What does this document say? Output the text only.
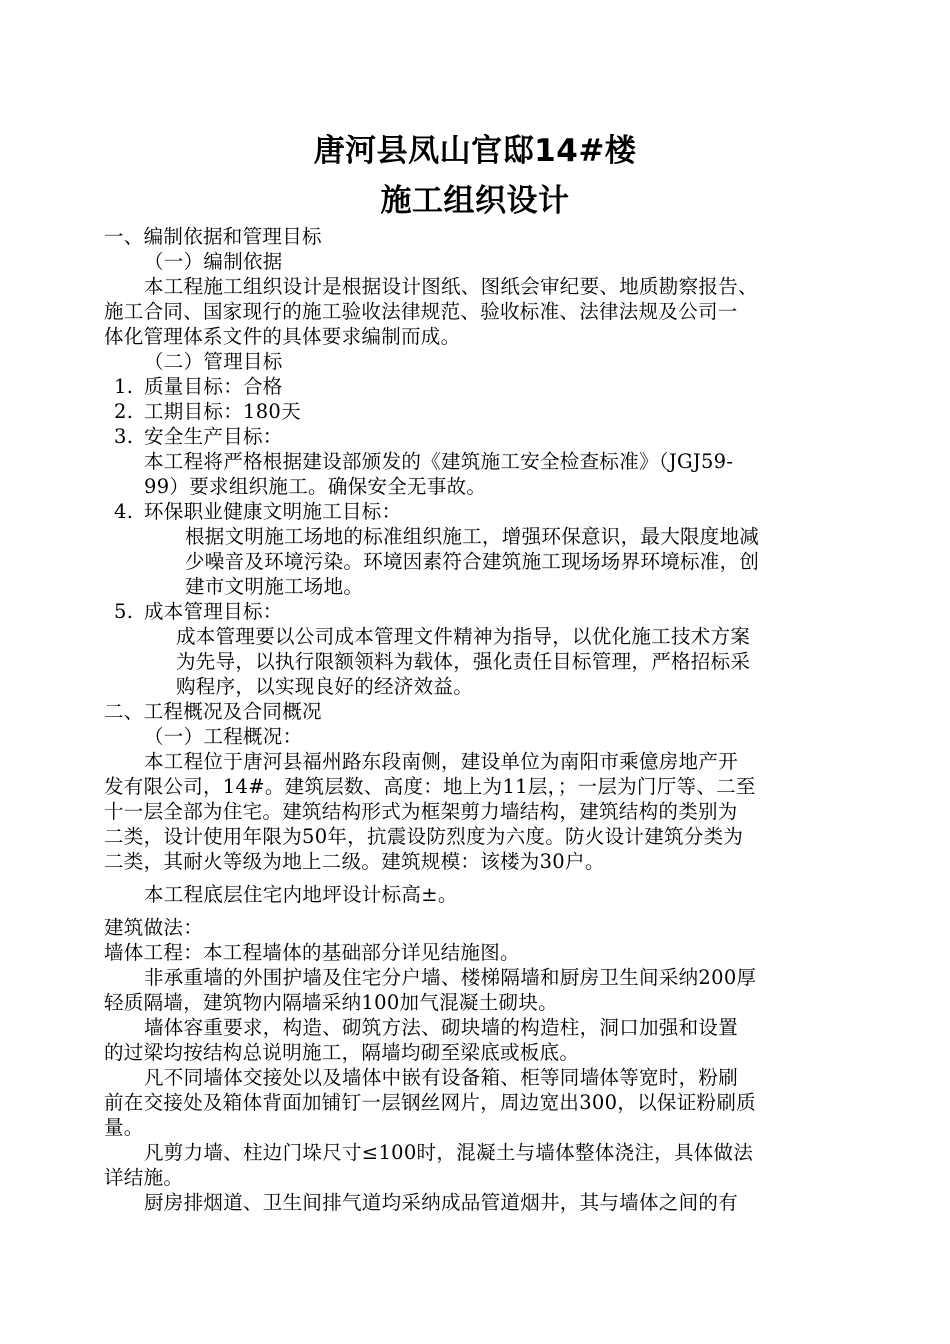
唐河县凤山官邸14#楼
施工组织设计
一、编制依据和管理目标
（一）编制依据
本工程施工组织设计是根据设计图纸、图纸会审纪要、地质勘察报告、
施工合同、国家现行的施工验收法律规范、验收标准、法律法规及公司一
体化管理体系文件的具体要求编制而成。
（二）管理目标
1. 质量目标：合格
2. 工期目标：180天
3. 安全生产目标：
本工程将严格根据建设部颁发的《建筑施工安全检查标准》（JGJ59-
99）要求组织施工。确保安全无事故。
4. 环保职业健康文明施工目标：
根据文明施工场地的标准组织施工，增强环保意识，最大限度地减
少噪音及环境污染。环境因素符合建筑施工现场场界环境标准，创
建市文明施工场地。
5. 成本管理目标：
成本管理要以公司成本管理文件精神为指导，以优化施工技术方案
为先导，以执行限额领料为载体，强化责任目标管理，严格招标采
购程序，以实现良好的经济效益。
二、工程概况及合同概况
（一）工程概况：
本工程位于唐河县福州路东段南侧，建设单位为南阳市乘億房地产开
发有限公司，14#。建筑层数、高度：地上为11层，；一层为门厅等、二至
十一层全部为住宅。建筑结构形式为框架剪力墙结构，建筑结构的类别为
二类，设计使用年限为50年，抗震设防烈度为六度。防火设计建筑分类为
二类，其耐火等级为地上二级。建筑规模：该楼为30户。
本工程底层住宅内地坪设计标高±。
建筑做法：
墙体工程：本工程墙体的基础部分详见结施图。
非承重墙的外围护墙及住宅分户墙、楼梯隔墙和厨房卫生间采纳200厚
轻质隔墙，建筑物内隔墙采纳100加气混凝土砌块。
墙体容重要求，构造、砌筑方法、砌块墙的构造柱，洞口加强和设置
的过梁均按结构总说明施工，隔墙均砌至梁底或板底。
凡不同墙体交接处以及墙体中嵌有设备箱、柜等同墙体等宽时，粉刷
前在交接处及箱体背面加铺钉一层钢丝网片，周边宽出300，以保证粉刷质
量。
凡剪力墙、柱边门垛尺寸≤100时，混凝土与墙体整体浇注，具体做法
详结施。
厨房排烟道、卫生间排气道均采纳成品管道烟井，其与墙体之间的有
